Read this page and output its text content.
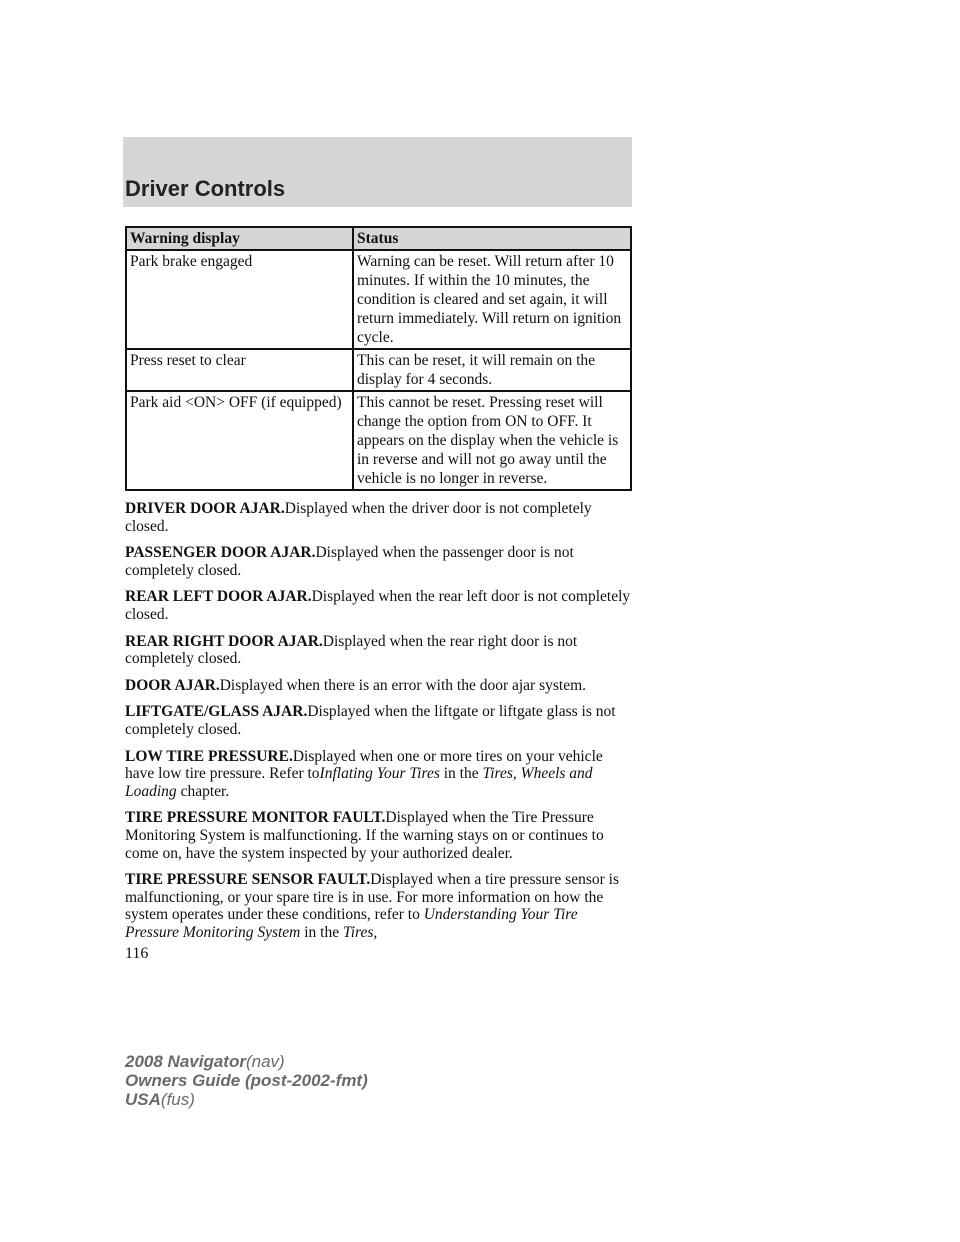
Driver Controls
Warning display	Status
Park brake engaged	Warning can be reset. Will return after 10 minutes. If within the 10 minutes, the condition is cleared and set again, it will return immediately. Will return on ignition cycle.
Press reset to clear	This can be reset, it will remain on the display for 4 seconds.
Park aid <ON> OFF (if equipped)	This cannot be reset. Pressing reset will change the option from ON to OFF. It appears on the display when the vehicle is in reverse and will not go away until the vehicle is no longer in reverse.

DRIVER DOOR AJAR.Displayed when the driver door is not completely closed.

PASSENGER DOOR AJAR.Displayed when the passenger door is not completely closed.

REAR LEFT DOOR AJAR.Displayed when the rear left door is not completely closed.

REAR RIGHT DOOR AJAR.Displayed when the rear right door is not completely closed.

DOOR AJAR.Displayed when there is an error with the door ajar system.

LIFTGATE/GLASS AJAR.Displayed when the liftgate or liftgate glass is not completely closed.

LOW TIRE PRESSURE.Displayed when one or more tires on your vehicle have low tire pressure. Refer toInflating Your Tires in the Tires, Wheels and Loading chapter.

TIRE PRESSURE MONITOR FAULT.Displayed when the Tire Pressure Monitoring System is malfunctioning. If the warning stays on or continues to come on, have the system inspected by your authorized dealer.

TIRE PRESSURE SENSOR FAULT.Displayed when a tire pressure sensor is malfunctioning, or your spare tire is in use. For more information on how the system operates under these conditions, refer to Understanding Your Tire Pressure Monitoring System in the Tires,

116
2008 Navigator(nav)
Owners Guide (post-2002-fmt)
USA(fus)
